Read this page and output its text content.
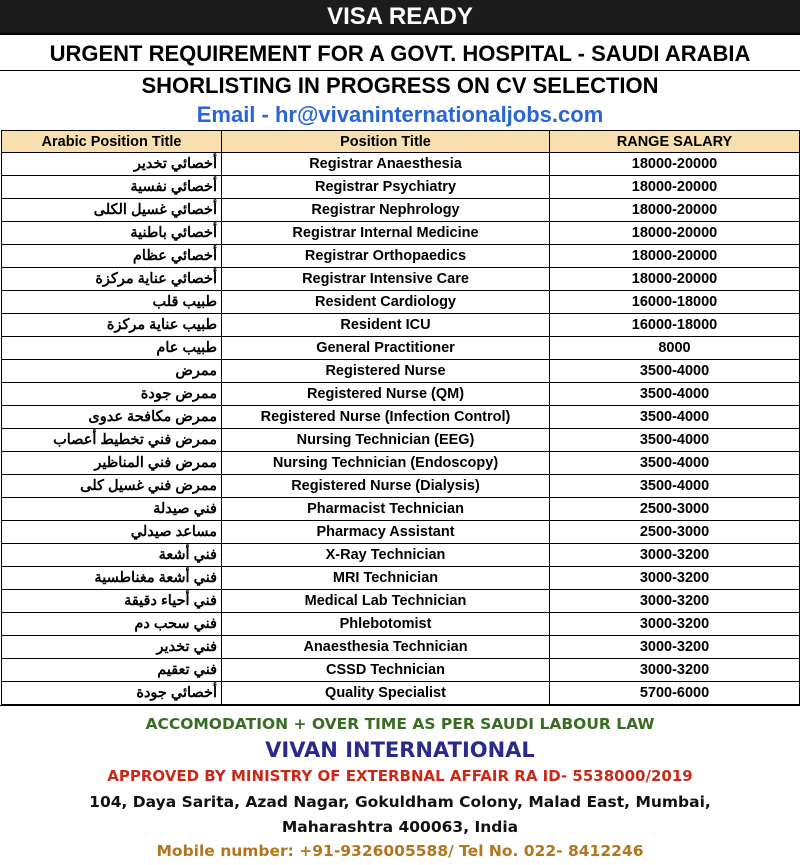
VISA READY
URGENT REQUIREMENT FOR A GOVT. HOSPITAL - SAUDI ARABIA
SHORLISTING IN PROGRESS ON CV SELECTION
Email - hr@vivaninternationaljobs.com
Arabic Position Title	Position Title	RANGE SALARY
أخصائي تخدير	Registrar Anaesthesia	18000-20000
أخصائي نفسية	Registrar Psychiatry	18000-20000
أخصائي غسيل الكلى	Registrar Nephrology	18000-20000
أخصائي باطنية	Registrar Internal Medicine	18000-20000
أخصائي عظام	Registrar Orthopaedics	18000-20000
أخصائي عناية مركزة	Registrar Intensive Care	18000-20000
طبيب قلب	Resident Cardiology	16000-18000
طبيب عناية مركزة	Resident ICU	16000-18000
طبيب عام	General Practitioner	8000
ممرض	Registered Nurse	3500-4000
ممرض جودة	Registered Nurse (QM)	3500-4000
ممرض مكافحة عدوى	Registered Nurse (Infection Control)	3500-4000
ممرض فني تخطيط أعصاب	Nursing Technician (EEG)	3500-4000
ممرض فني المناظير	Nursing Technician (Endoscopy)	3500-4000
ممرض فني غسيل كلى	Registered Nurse (Dialysis)	3500-4000
فني صيدلة	Pharmacist Technician	2500-3000
مساعد صيدلي	Pharmacy Assistant	2500-3000
فني أشعة	X-Ray Technician	3000-3200
فني أشعة مغناطسية	MRI Technician	3000-3200
فني أحياء دقيقة	Medical Lab Technician	3000-3200
فني سحب دم	Phlebotomist	3000-3200
فني تخدير	Anaesthesia Technician	3000-3200
فني تعقيم	CSSD Technician	3000-3200
أخصائي جودة	Quality Specialist	5700-6000
ACCOMODATION + OVER TIME AS PER SAUDI LABOUR LAW
VIVAN INTERNATIONAL
APPROVED BY MINISTRY OF EXTERBNAL AFFAIR RA ID- 5538000/2019
104, Daya Sarita, Azad Nagar, Gokuldham Colony, Malad East, Mumbai,
Maharashtra 400063, India
Mobile number: +91-9326005588/ Tel No. 022- 8412246
